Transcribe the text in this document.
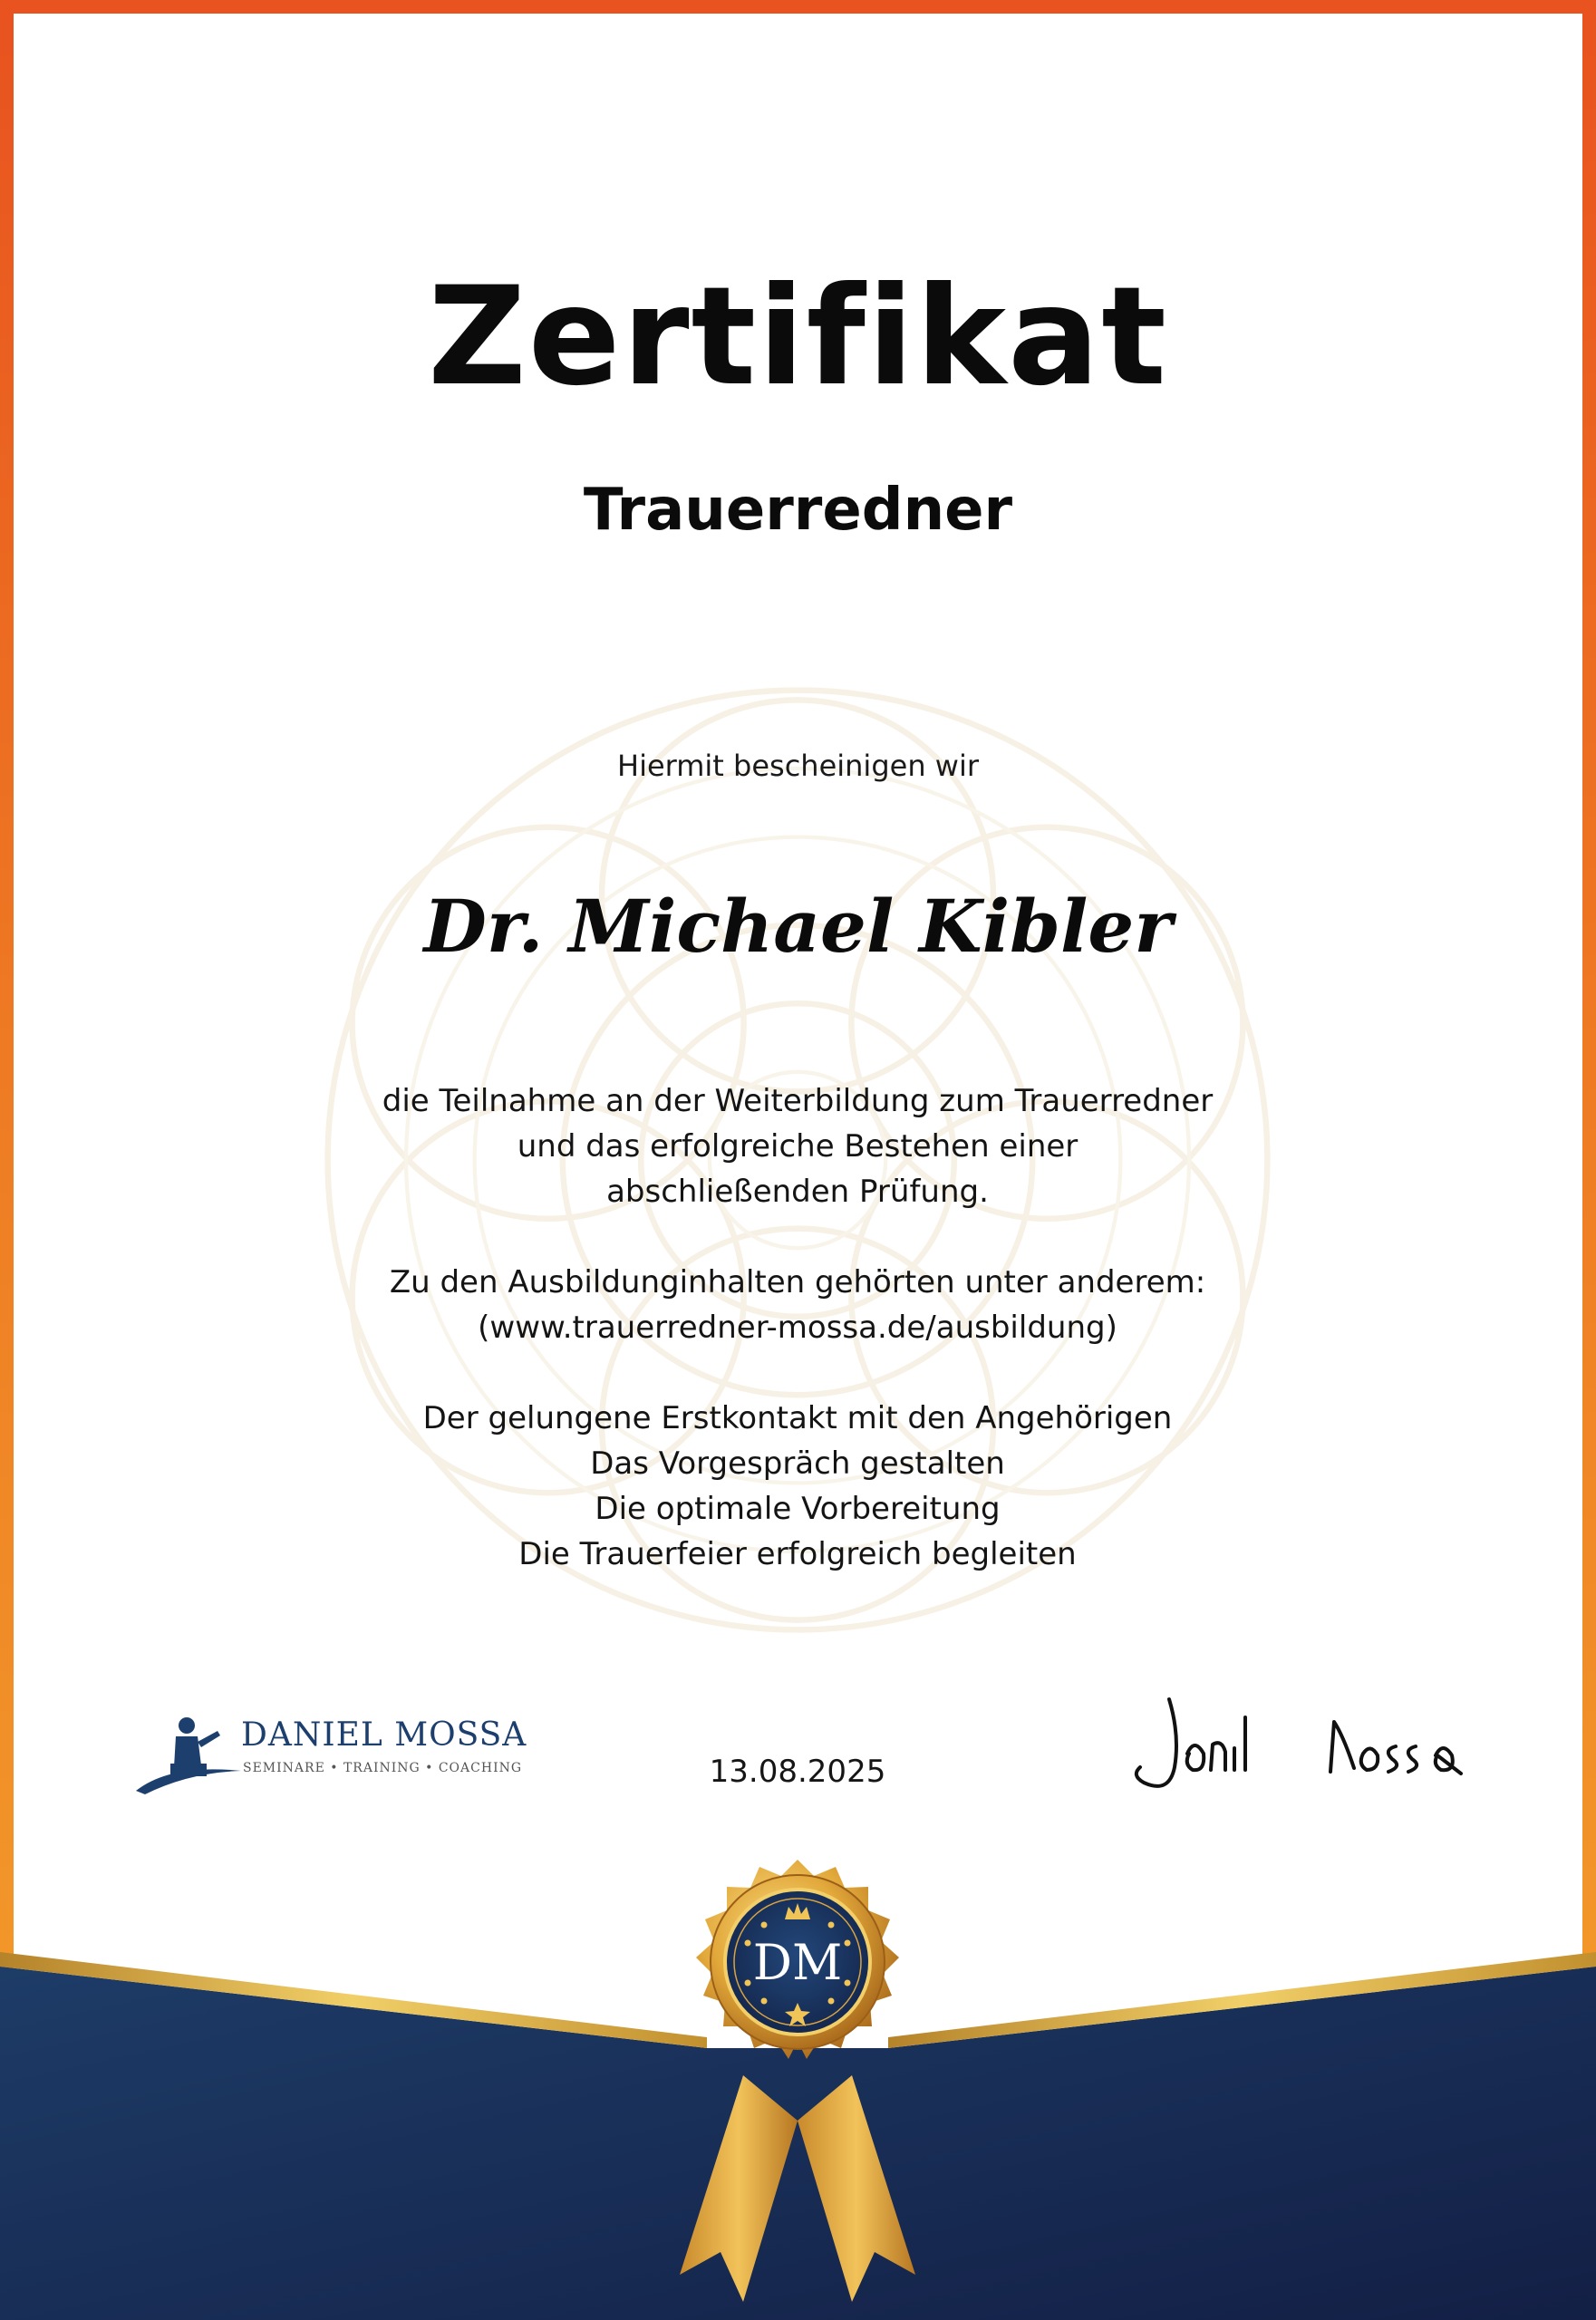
Zertifikat
Trauerredner
Hiermit bescheinigen wir
Dr. Michael Kibler
die Teilnahme an der Weiterbildung zum Trauerredner
und das erfolgreiche Bestehen einer
abschließenden Prüfung.
Zu den Ausbildunginhalten gehörten unter anderem:
(www.trauerredner-mossa.de/ausbildung)
Der gelungene Erstkontakt mit den Angehörigen
Das Vorgespräch gestalten
Die optimale Vorbereitung
Die Trauerfeier erfolgreich begleiten
DANIEL MOSSA
SEMINARE • TRAINING • COACHING	13.08.2025
DM
